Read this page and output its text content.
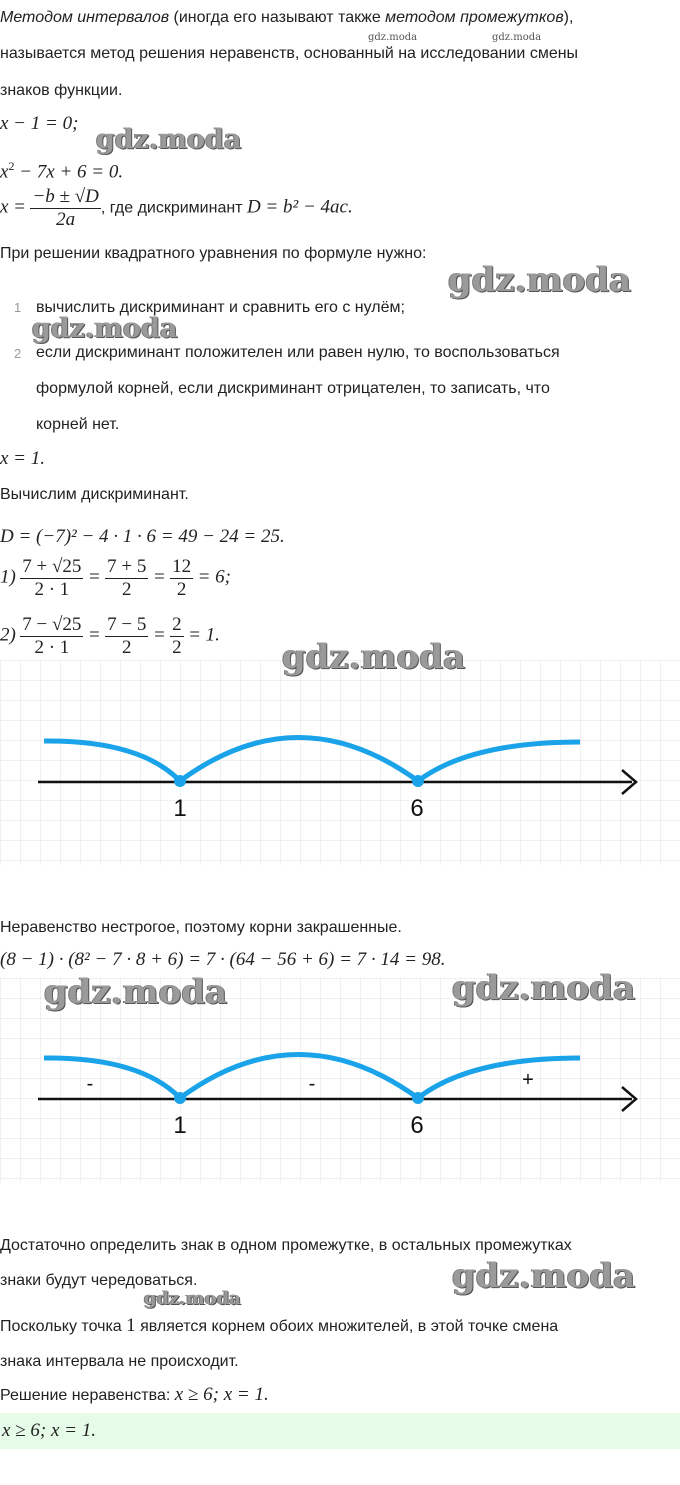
Методом интервалов (иногда его называют также методом промежутков),
называется метод решения неравенств, основанный на исследовании смены
знаков функции.
x − 1 = 0;
$x^2 - 7x + 6 = 0$.
$x = \frac{-b \pm √D}{2a}$ , где дискриминант D = b² − 4ac.
При решении квадратного уравнения по формуле нужно:
1 вычислить дискриминант и сравнить его с нулём;
2 если дискриминант положителен или равен нулю, то воспользоваться
формулой корней, если дискриминант отрицателен, то записать, что
корней нет.
x = 1.
Вычислим дискриминант.
D = (−7)² − 4 · 1 · 6 = 49 − 24 = 25.
$1) \frac{7 + √25}{2 \cdot 1} = \frac{7 + 5}{2} = \frac{12}{2} = 6$;
$2) \frac{7 - √25}{2 \cdot 1} = \frac{7 - 5}{2} = \frac{2}{2} = 1$.
1	6
Неравенство нестрогое, поэтому корни закрашенные.
(8 − 1) · (8² − 7 · 8 + 6) = 7 · (64 − 56 + 6) = 7 · 14 = 98.
-	-	+
1	6
Достаточно определить знак в одном промежутке, в остальных промежутках
знаки будут чередоваться.
Поскольку точка 1 является корнем обоих множителей, в этой точке смена
знака интервала не происходит.
Решение неравенства: x ≥ 6; x = 1.
x ≥ 6; x = 1.
gdz.moda	gdz.moda
gdz.moda
gdz.moda
gdz.moda
gdz.moda
gdz.moda	gdz.moda
gdz.moda
gdz.moda
